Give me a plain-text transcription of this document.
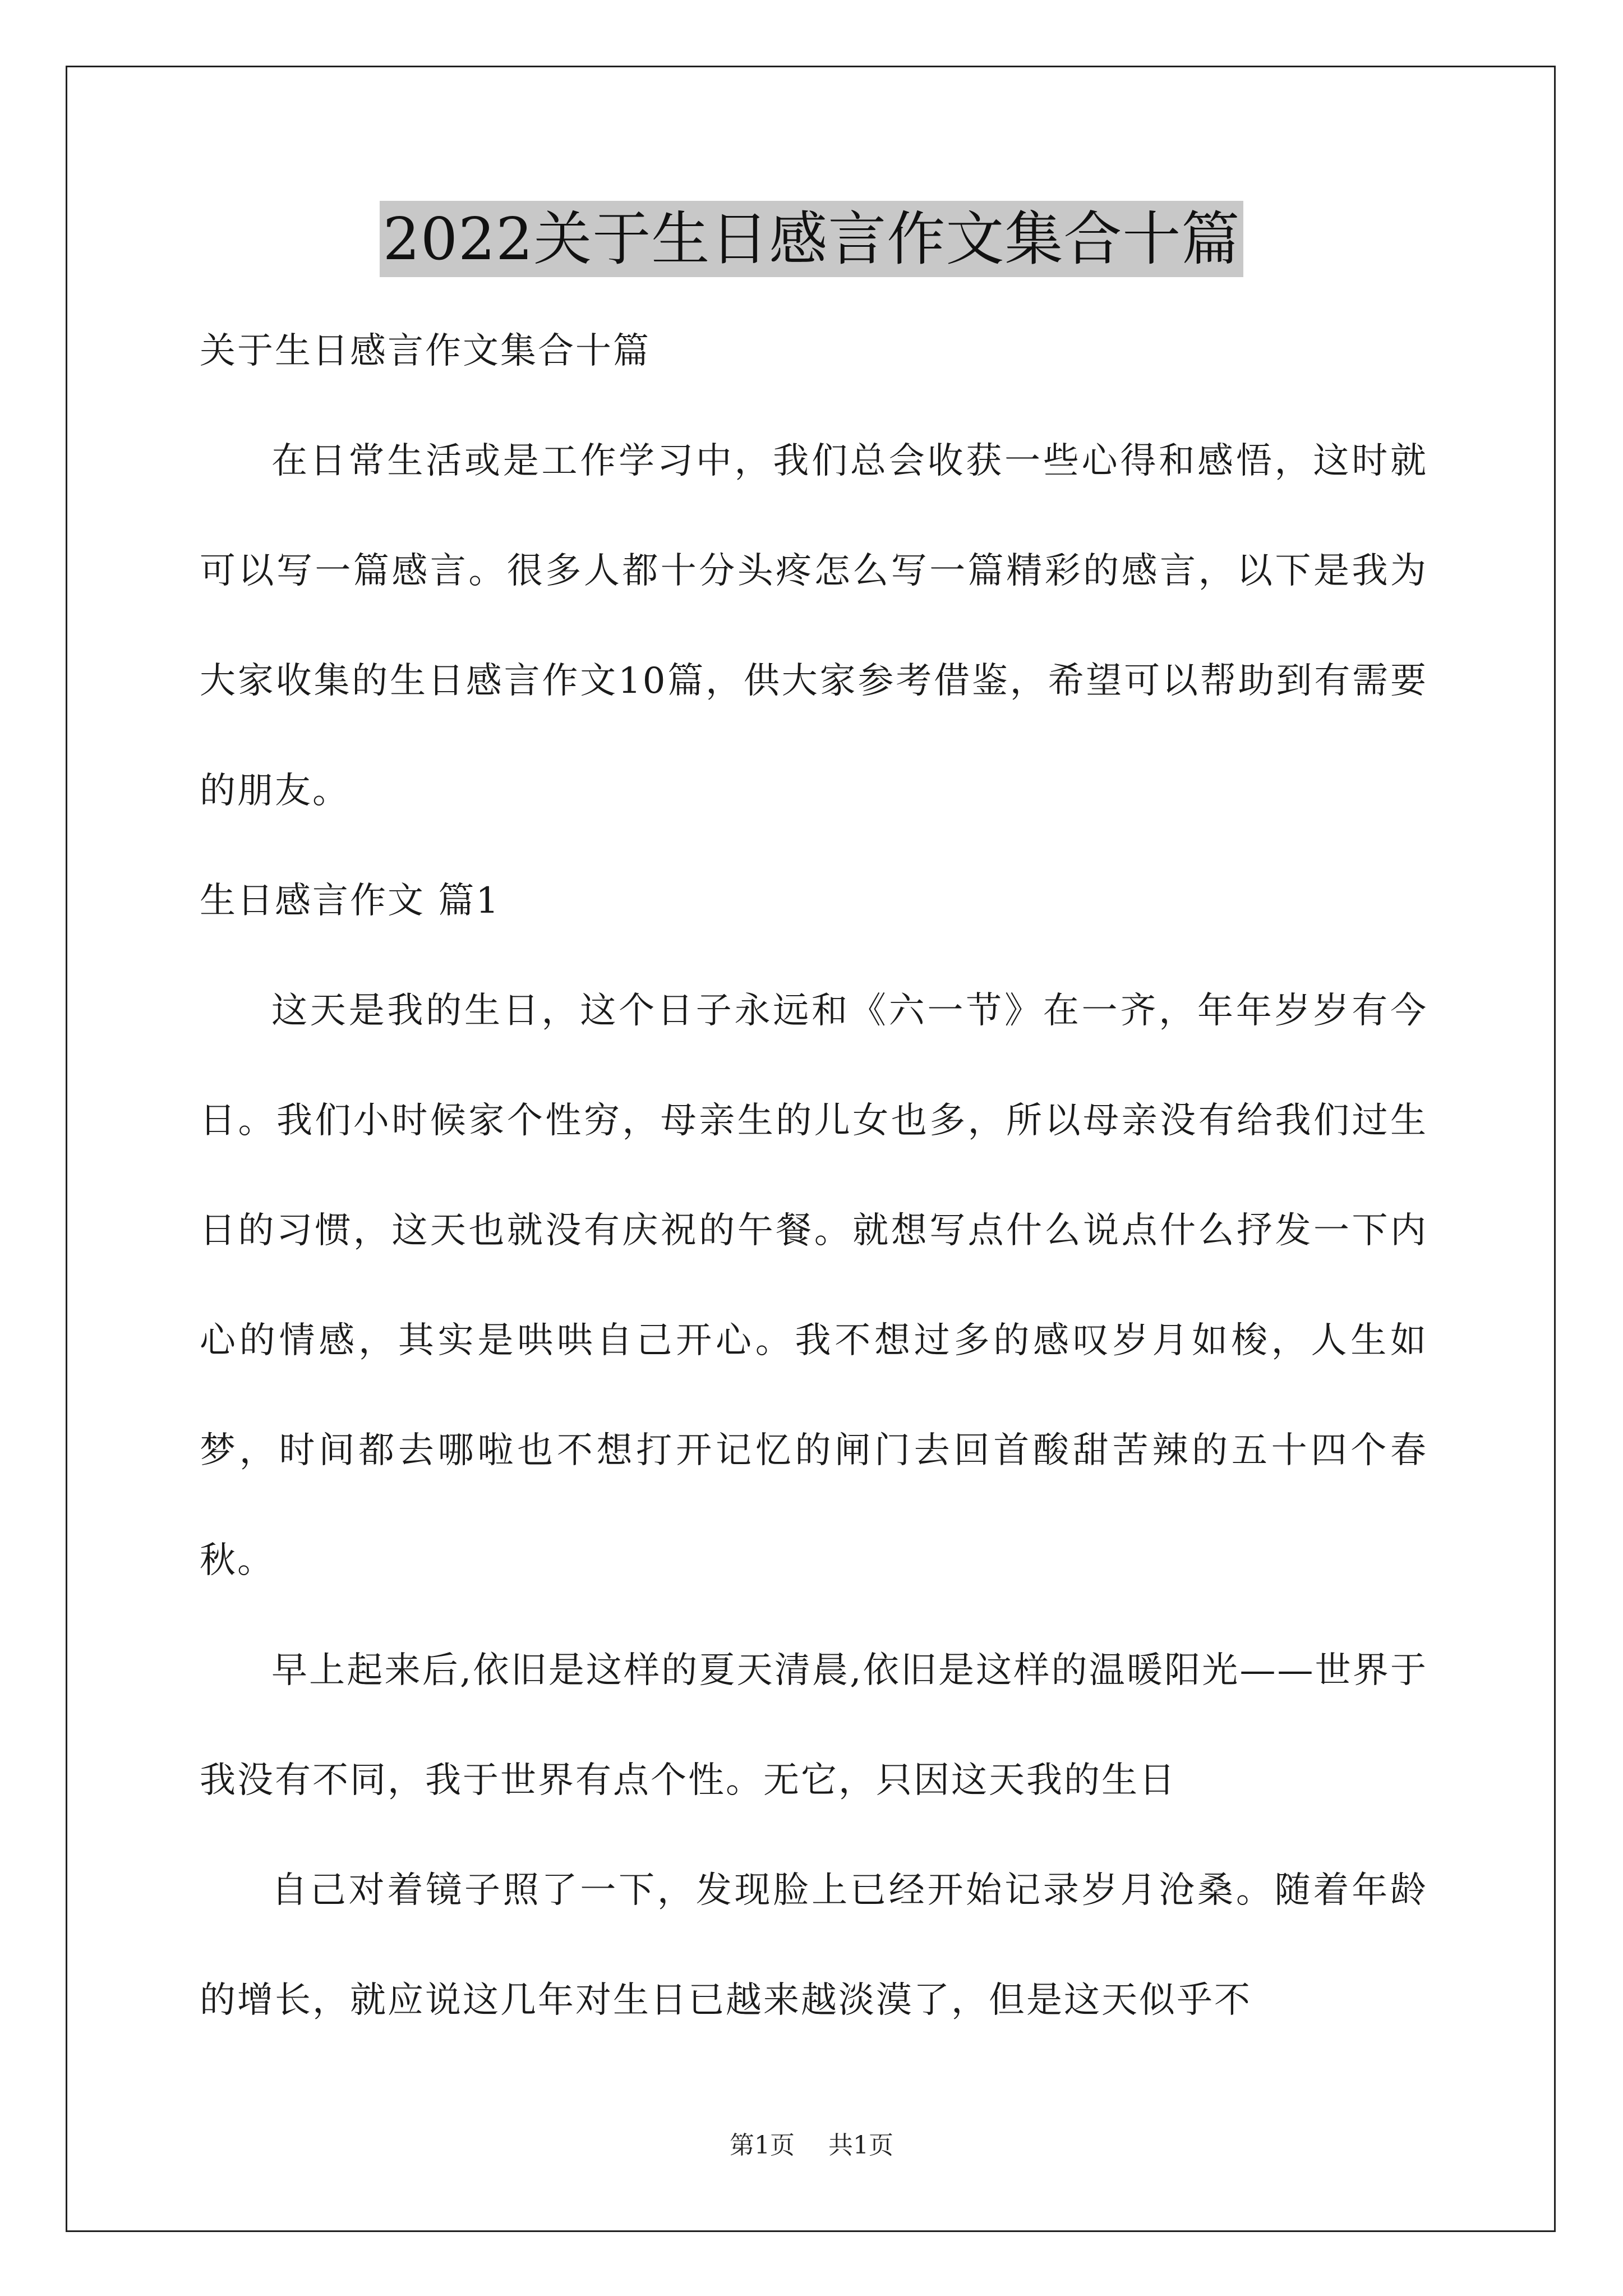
2022关于生日感言作文集合十篇

关于生日感言作文集合十篇

在日常生活或是工作学习中，我们总会收获一些心得和感悟，这时就可以写一篇感言。很多人都十分头疼怎么写一篇精彩的感言，以下是我为大家收集的生日感言作文10篇，供大家参考借鉴，希望可以帮助到有需要的朋友。

生日感言作文 篇1

这天是我的生日，这个日子永远和《六一节》在一齐，年年岁岁有今日。我们小时候家个性穷，母亲生的儿女也多，所以母亲没有给我们过生日的习惯，这天也就没有庆祝的午餐。就想写点什么说点什么抒发一下内心的情感，其实是哄哄自己开心。我不想过多的感叹岁月如梭，人生如梦，时间都去哪啦也不想打开记忆的闸门去回首酸甜苦辣的五十四个春秋。

早上起来后,依旧是这样的夏天清晨,依旧是这样的温暖阳光——世界于我没有不同，我于世界有点个性。无它，只因这天我的生日

自己对着镜子照了一下，发现脸上已经开始记录岁月沧桑。随着年龄的增长，就应说这几年对生日已越来越淡漠了，但是这天似乎不

第1页 共1页
